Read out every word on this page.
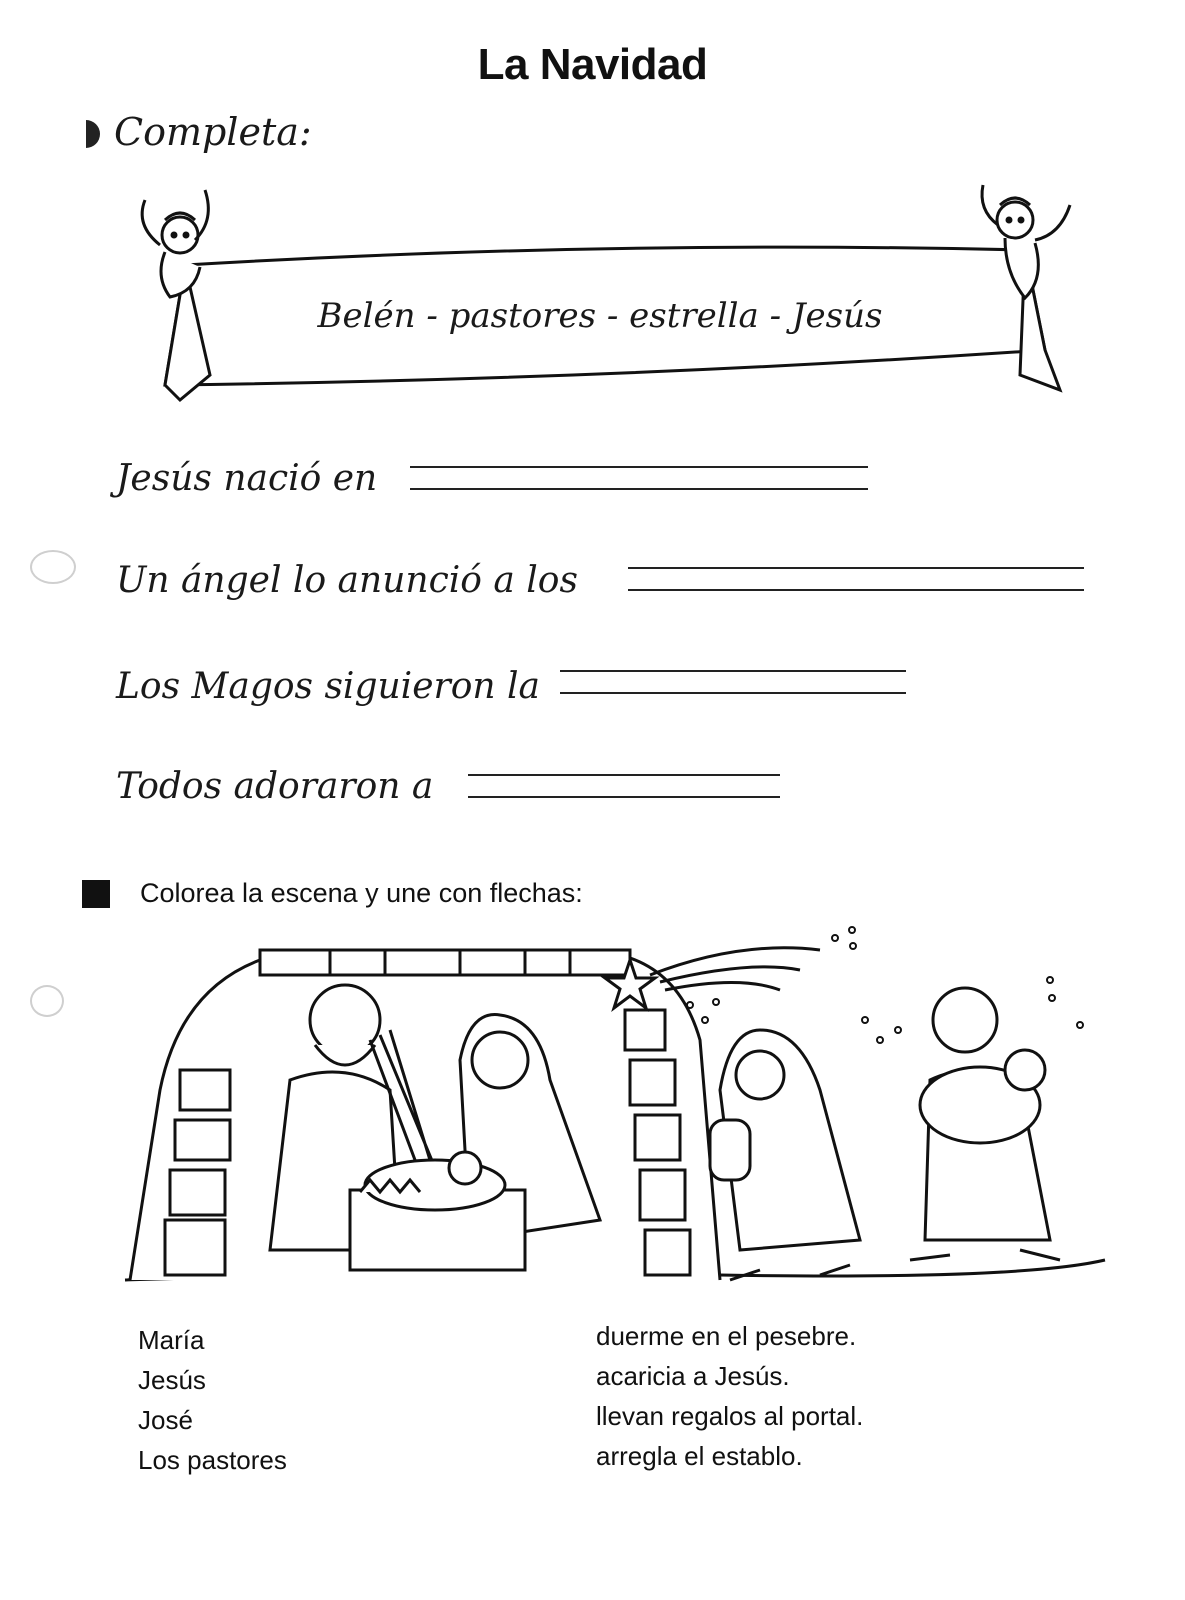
La Navidad
Completa:
Belén - pastores - estrella - Jesús
Jesús nació en
Un ángel lo anunció a los
Los Magos siguieron la
Todos adoraron a
Colorea la escena y une con flechas:
María
Jesús
José
Los pastores
duerme en el pesebre.
acaricia a Jesús.
llevan regalos al portal.
arregla el establo.
